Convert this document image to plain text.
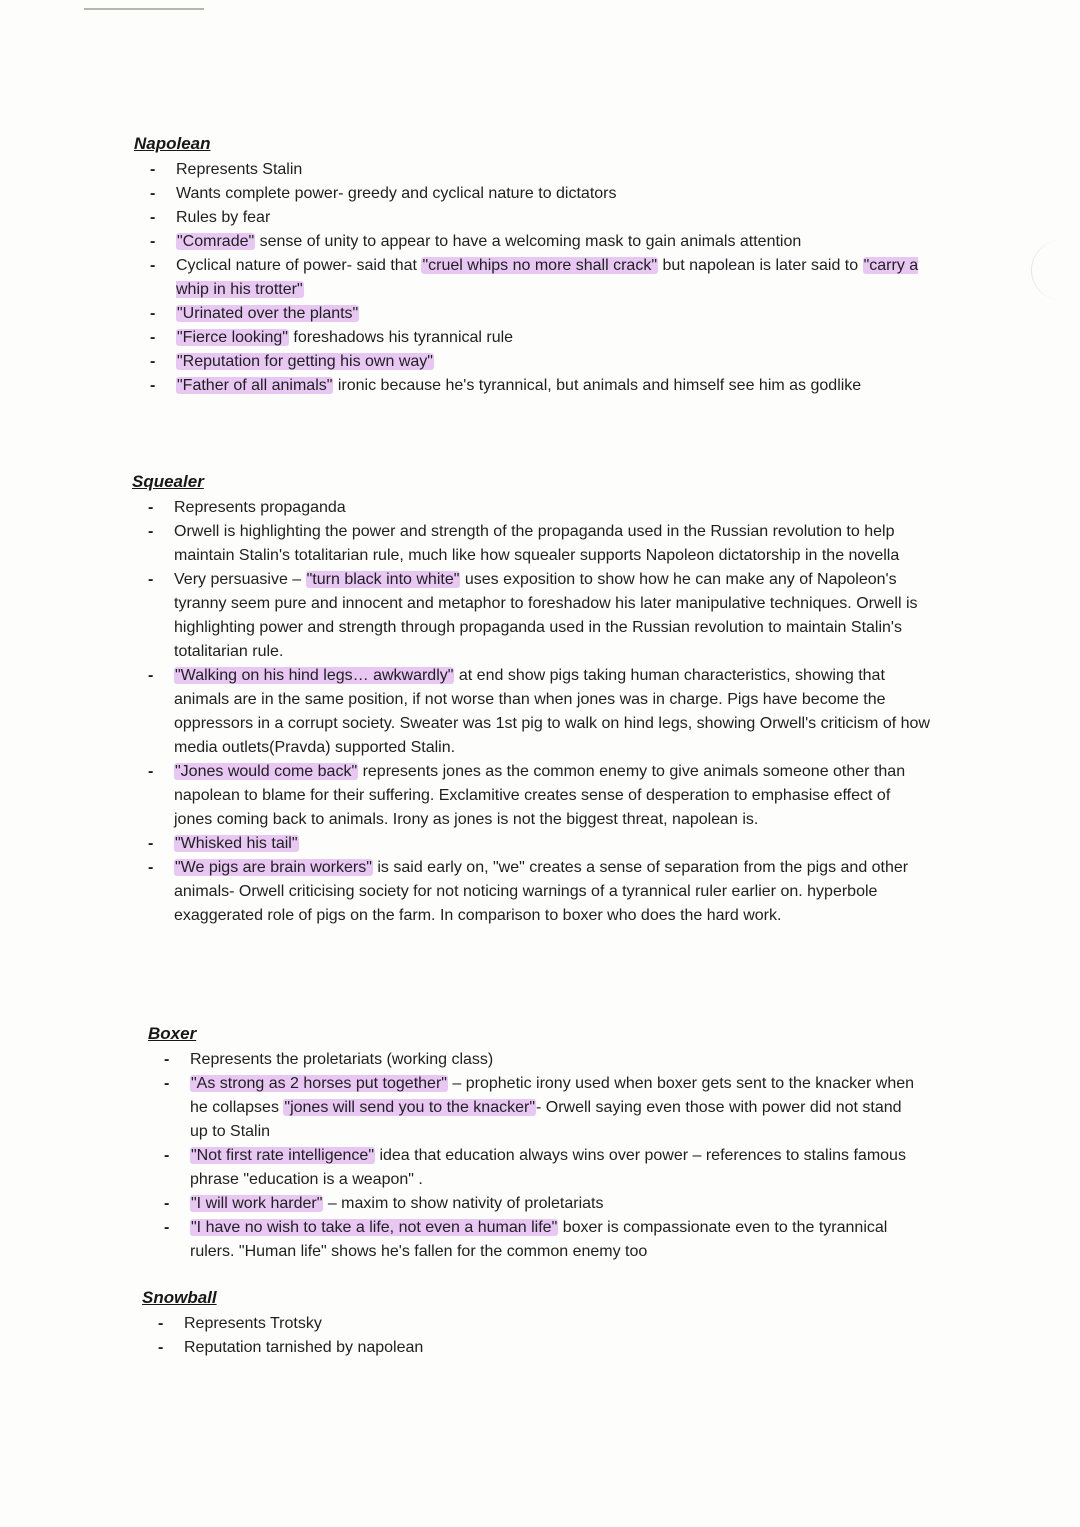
Napolean
- Represents Stalin
- Wants complete power- greedy and cyclical nature to dictators
- Rules by fear
- "Comrade" sense of unity to appear to have a welcoming mask to gain animals attention
- Cyclical nature of power- said that "cruel whips no more shall crack" but napolean is later said to "carry a whip in his trotter"
- "Urinated over the plants"
- "Fierce looking" foreshadows his tyrannical rule
- "Reputation for getting his own way"
- "Father of all animals" ironic because he's tyrannical, but animals and himself see him as godlike
Squealer
- Represents propaganda
- Orwell is highlighting the power and strength of the propaganda used in the Russian revolution to help maintain Stalin's totalitarian rule, much like how squealer supports Napoleon dictatorship in the novella
- Very persuasive – "turn black into white" uses exposition to show how he can make any of Napoleon's tyranny seem pure and innocent and metaphor to foreshadow his later manipulative techniques. Orwell is highlighting power and strength through propaganda used in the Russian revolution to maintain Stalin's totalitarian rule.
- "Walking on his hind legs… awkwardly" at end show pigs taking human characteristics, showing that animals are in the same position, if not worse than when jones was in charge. Pigs have become the oppressors in a corrupt society. Sweater was 1st pig to walk on hind legs, showing Orwell's criticism of how media outlets(Pravda) supported Stalin.
- "Jones would come back" represents jones as the common enemy to give animals someone other than napolean to blame for their suffering. Exclamitive creates sense of desperation to emphasise effect of jones coming back to animals. Irony as jones is not the biggest threat, napolean is.
- "Whisked his tail"
- "We pigs are brain workers" is said early on, "we" creates a sense of separation from the pigs and other animals- Orwell criticising society for not noticing warnings of a tyrannical ruler earlier on. hyperbole exaggerated role of pigs on the farm. In comparison to boxer who does the hard work.
Boxer
- Represents the proletariats (working class)
- "As strong as 2 horses put together" – prophetic irony used when boxer gets sent to the knacker when he collapses "jones will send you to the knacker"- Orwell saying even those with power did not stand up to Stalin
- "Not first rate intelligence" idea that education always wins over power – references to stalins famous phrase "education is a weapon" .
- "I will work harder" – maxim to show nativity of proletariats
- "I have no wish to take a life, not even a human life" boxer is compassionate even to the tyrannical rulers. "Human life" shows he's fallen for the common enemy too
Snowball
- Represents Trotsky
- Reputation tarnished by napolean
